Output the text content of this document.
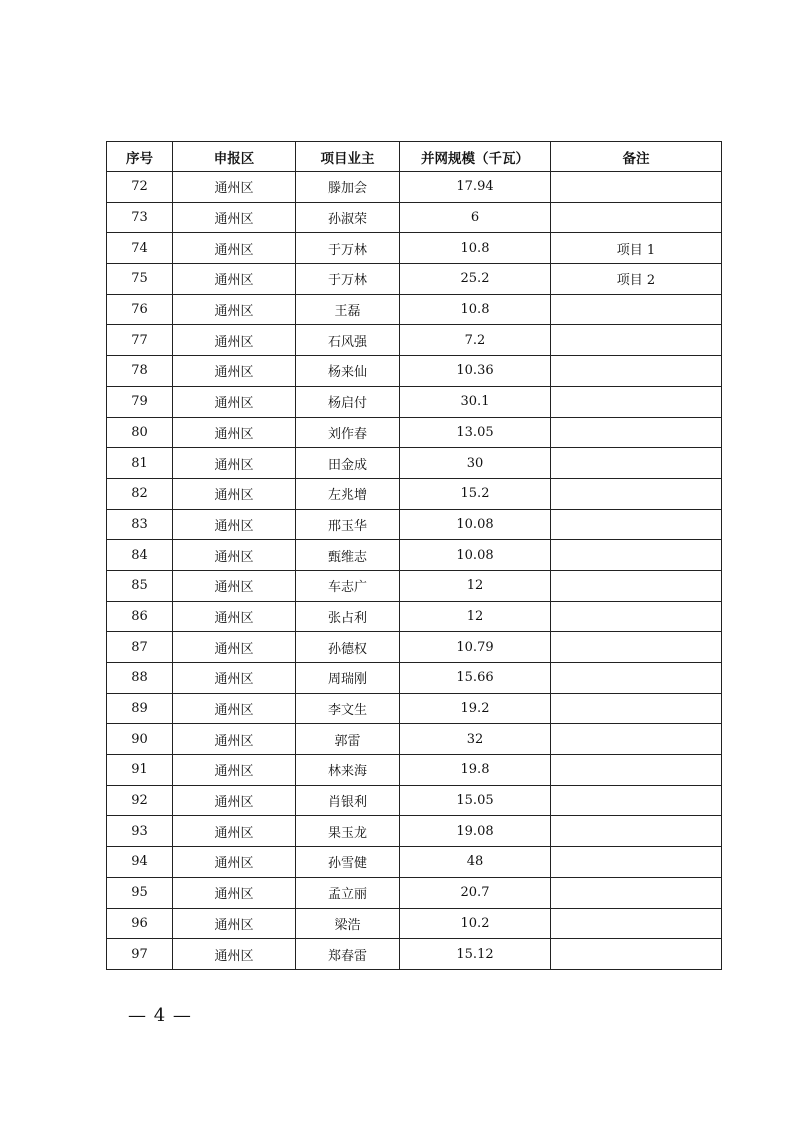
序号	申报区	项目业主	并网规模（千瓦）	备注
72	通州区	滕加会	17.94	
73	通州区	孙淑荣	6	
74	通州区	于万林	10.8	项目 1
75	通州区	于万林	25.2	项目 2
76	通州区	王磊	10.8	
77	通州区	石风强	7.2	
78	通州区	杨来仙	10.36	
79	通州区	杨启付	30.1	
80	通州区	刘作春	13.05	
81	通州区	田金成	30	
82	通州区	左兆增	15.2	
83	通州区	邢玉华	10.08	
84	通州区	甄维志	10.08	
85	通州区	车志广	12	
86	通州区	张占利	12	
87	通州区	孙德权	10.79	
88	通州区	周瑞刚	15.66	
89	通州区	李文生	19.2	
90	通州区	郭雷	32	
91	通州区	林来海	19.8	
92	通州区	肖银利	15.05	
93	通州区	果玉龙	19.08	
94	通州区	孙雪健	48	
95	通州区	孟立丽	20.7	
96	通州区	梁浩	10.2	
97	通州区	郑春雷	15.12	
— 4 —
